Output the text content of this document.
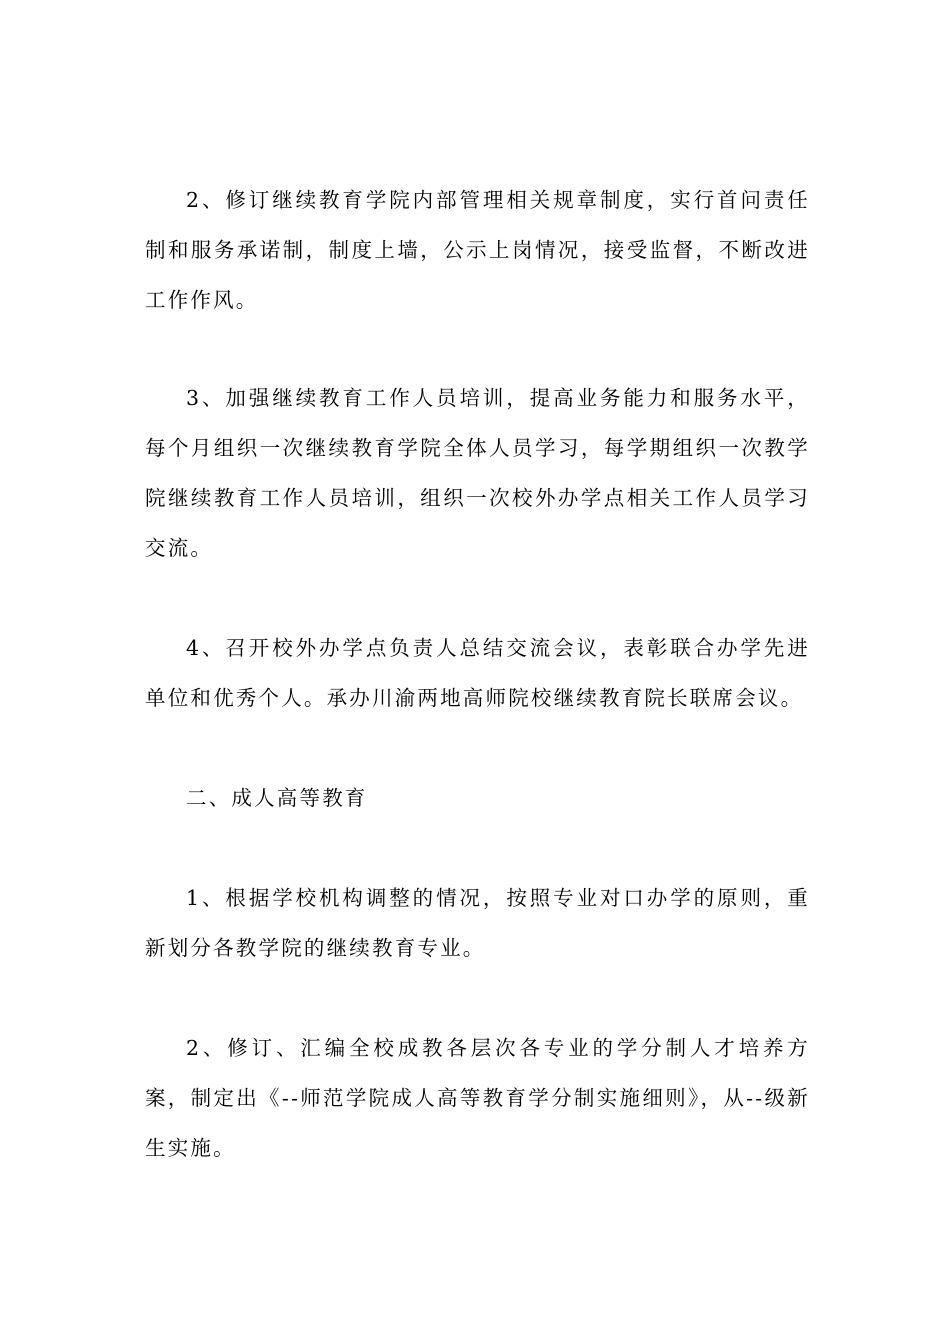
2、修订继续教育学院内部管理相关规章制度，实行首问责任制和服务承诺制，制度上墙，公示上岗情况，接受监督，不断改进工作作风。

3、加强继续教育工作人员培训，提高业务能力和服务水平，每个月组织一次继续教育学院全体人员学习，每学期组织一次教学院继续教育工作人员培训，组织一次校外办学点相关工作人员学习交流。

4、召开校外办学点负责人总结交流会议，表彰联合办学先进单位和优秀个人。承办川渝两地高师院校继续教育院长联席会议。

二、成人高等教育

1、根据学校机构调整的情况，按照专业对口办学的原则，重新划分各教学院的继续教育专业。

2、修订、汇编全校成教各层次各专业的学分制人才培养方案，制定出《--师范学院成人高等教育学分制实施细则》，从--级新生实施。
